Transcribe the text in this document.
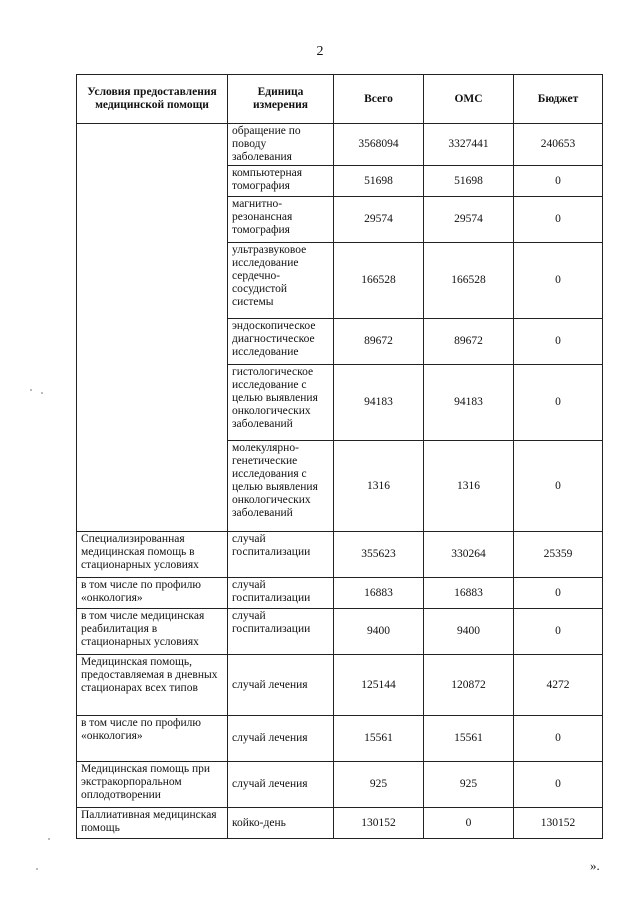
2
Условия предоставления медицинской помощи	Единица измерения	Всего	ОМС	Бюджет
	обращение по поводу заболевания	3568094	3327441	240653
	компьютерная томография	51698	51698	0
	магнитно-резонансная томография	29574	29574	0
	ультразвуковое исследование сердечно-сосудистой системы	166528	166528	0
	эндоскопическое диагностическое исследование	89672	89672	0
	гистологическое исследование с целью выявления онкологических заболеваний	94183	94183	0
	молекулярно-генетические исследования с целью выявления онкологических заболеваний	1316	1316	0
Специализированная медицинская помощь в стационарных условиях	случай госпитализации	355623	330264	25359
в том числе по профилю «онкология»	случай госпитализации	16883	16883	0
в том числе медицинская реабилитация в стационарных условиях	случай госпитализации	9400	9400	0
Медицинская помощь, предоставляемая в дневных стационарах всех типов	случай лечения	125144	120872	4272
в том числе по профилю «онкология»	случай лечения	15561	15561	0
Медицинская помощь при экстракорпоральном оплодотворении	случай лечения	925	925	0
Паллиативная медицинская помощь	койко-день	130152	0	130152
».
